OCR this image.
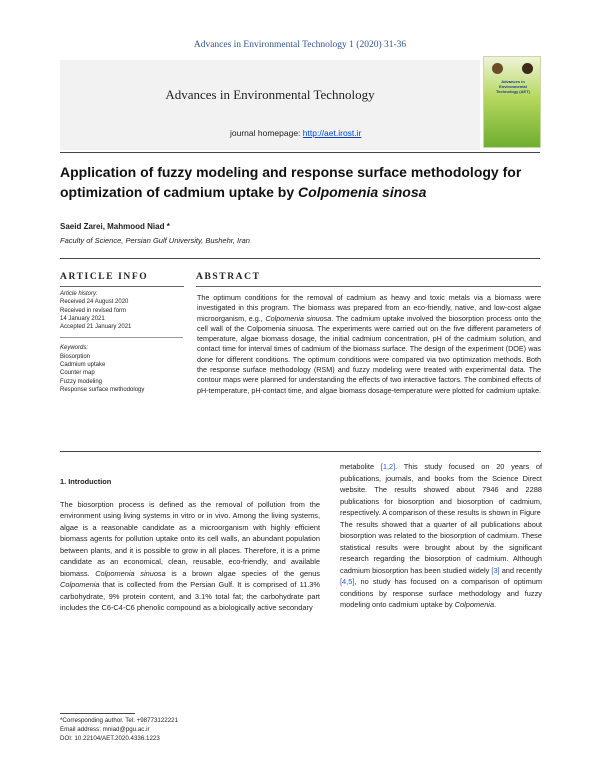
Advances in Environmental Technology 1 (2020) 31-36
Advances in Environmental Technology
journal homepage: http://aet.irost.ir
Advances in Environmental Technology (AET)
Application of fuzzy modeling and response surface methodology for optimization of cadmium uptake by Colpomenia sinosa
Saeid Zarei, Mahmood Niad *
Faculty of Science, Persian Gulf University, Bushehr, Iran
ARTICLE INFO	ABSTRACT
Article history:
Received 24 August 2020
Received in revised form
14 January 2021
Accepted 21 January 2021
Keywords:
Biosorption
Cadmium uptake
Counter map
Fuzzy modeling
Response surface methodology
The optimum conditions for the removal of cadmium as heavy and toxic metals via a biomass were investigated in this program. The biomass was prepared from an eco-friendly, native, and low-cost algae microorganism, e.g., Colpomenia sinuosa. The cadmium uptake involved the biosorption process onto the cell wall of the Colpomenia sinuosa. The experiments were carried out on the five different parameters of temperature, algae biomass dosage, the initial cadmium concentration, pH of the cadmium solution, and contact time for interval times of cadmium of the biomass surface. The design of the experiment (DOE) was done for different conditions. The optimum conditions were compared via two optimization methods. Both the response surface methodology (RSM) and fuzzy modeling were treated with experimental data. The contour maps were planned for understanding the effects of two interactive factors. The combined effects of pH-temperature, pH-contact time, and algae biomass dosage-temperature were plotted for cadmium uptake.
1. Introduction
The biosorption process is defined as the removal of pollution from the environment using living systems in vitro or in vivo. Among the living systems, algae is a reasonable candidate as a microorganism with highly efficient biomass agents for pollution uptake onto its cell walls, an abundant population between plants, and it is possible to grow in all places. Therefore, it is a prime candidate as an economical, clean, reusable, eco-friendly, and available biomass. Colpomenia sinuosa is a brown algae species of the genus Colpomenia that is collected from the Persian Gulf. It is comprised of 11.3% carbohydrate, 9% protein content, and 3.1% total fat; the carbohydrate part includes the C6-C4-C6 phenolic compound as a biologically active secondary
metabolite [1,2]. This study focused on 20 years of publications, journals, and books from the Science Direct website. The results showed about 7946 and 2288 publications for biosorption and biosorption of cadmium, respectively. A comparison of these results is shown in Figure
The results showed that a quarter of all publications about biosorption was related to the biosorption of cadmium. These statistical results were brought about by the significant research regarding the biosorption of cadmium. Although cadmium biosorption has been studied widely [3] and recently [4,5], no study has focused on a comparison of optimum conditions by response surface methodology and fuzzy modeling onto cadmium uptake by Colpomenia.
*Corresponding author. Tel: +98773122221
Email address: mniad@pgu.ac.ir
DOI: 10.22104/AET.2020.4336.1223
